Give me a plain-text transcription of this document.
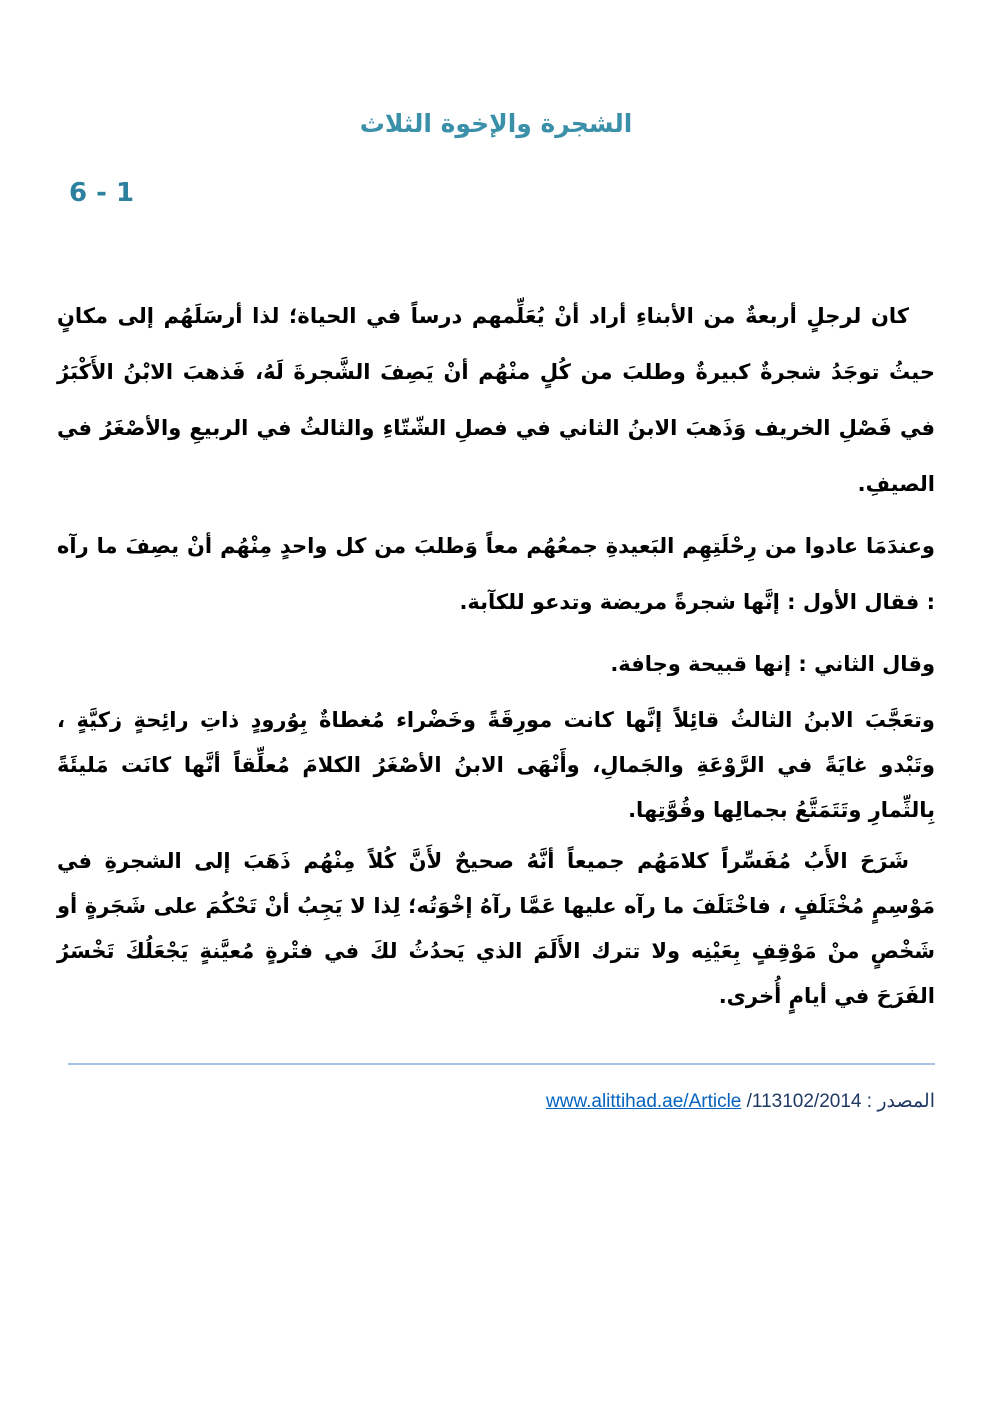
الشجرة والإخوة الثلاث
6 - 1

كان لرجلٍ أربعةٌ من الأبناءِ أراد أنْ يُعَلِّمهم درساً في الحياة؛ لذا أرسَلَهُم إلى مكانٍ حيثُ توجَدُ شجرةٌ كبيرةٌ وطلبَ من كُلٍ منْهُم أنْ يَصِفَ الشَّجرةَ لَهُ، فَذهبَ الابْنُ الأَكْبَرُ في فَصْلِ الخريف وَذَهبَ الابنُ الثاني في فصلِ الشّتّاءِ والثالثُ في الربيعِ والأصْغَرُ في الصيفِ.

وعندَمَا عادوا من رِحْلَتِهِم البَعيدةِ جمعُهُم معاً وَطلبَ من كل واحدٍ مِنْهُم أنْ يصِفَ ما رآه : فقال الأول : إنَّها شجرةً مريضة وتدعو للكآبة.

وقال الثاني : إنها قبيحة وجافة.

وتعَجَّبَ الابنُ الثالثُ قائِلاً إنَّها كانت مورِقَةً وخَضْراء مُغطاةٌ بِوُرودٍ ذاتِ رائِحةٍ زكيَّةٍ ، وتَبْدو غايَةً في الرَّوْعَةِ والجَمالِ، وأَنْهَى الابنُ الأصْغَرُ الكلامَ مُعلِّقاً أنَّها كانَت مَليئَةً بِالثِّمارِ وتَتَمَتَّعُ بجمالِها وقُوَّتِها.

شَرَحَ الأَبُ مُفَسِّراً كلامَهُم جميعاً أنَّهُ صحيحٌ لأَنَّ كُلاً مِنْهُم ذَهَبَ إلى الشجرةِ في مَوْسِمٍ مُخْتَلَفٍ ، فاخْتَلَفَ ما رآه عليها عَمَّا رآهُ إخْوَتُه؛ لِذا لا يَجِبُ أنْ تَحْكُمَ على شَجَرةٍ أو شَخْصٍ منْ مَوْقِفٍ بِعَيْنِه ولا تترك الأَلَمَ الذي يَحدُثُ لكَ في فتْرةٍ مُعيَّنةٍ يَجْعَلُكَ تَخْسَرُ الفَرَحَ في أيامٍ أُخرى.

المصدر : www.alittihad.ae/Article /113102/2014
